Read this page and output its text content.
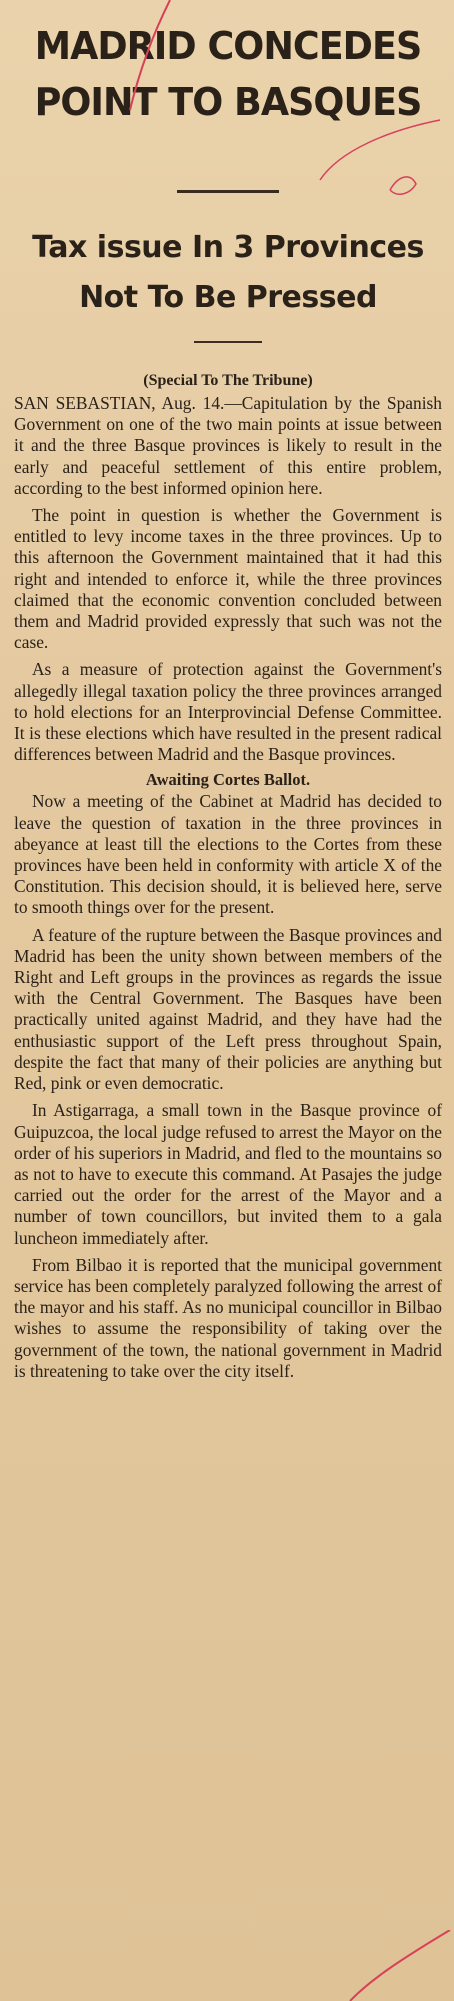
MADRID CONCEDES POINT TO BASQUES
Tax issue In 3 Provinces Not To Be Pressed
(Special To The Tribune)

SAN SEBASTIAN, Aug. 14.—Capitulation by the Spanish Government on one of the two main points at issue between it and the three Basque provinces is likely to result in the early and peaceful settlement of this entire problem, according to the best informed opinion here.

The point in question is whether the Government is entitled to levy income taxes in the three provinces. Up to this afternoon the Government maintained that it had this right and intended to enforce it, while the three provinces claimed that the economic convention concluded between them and Madrid provided expressly that such was not the case.

As a measure of protection against the Government's allegedly illegal taxation policy the three provinces arranged to hold elections for an Interprovincial Defense Committee. It is these elections which have resulted in the present radical differences between Madrid and the Basque provinces.

Awaiting Cortes Ballot.

Now a meeting of the Cabinet at Madrid has decided to leave the question of taxation in the three provinces in abeyance at least till the elections to the Cortes from these provinces have been held in conformity with article X of the Constitution. This decision should, it is believed here, serve to smooth things over for the present.

A feature of the rupture between the Basque provinces and Madrid has been the unity shown between members of the Right and Left groups in the provinces as regards the issue with the Central Government. The Basques have been practically united against Madrid, and they have had the enthusiastic support of the Left press throughout Spain, despite the fact that many of their policies are anything but Red, pink or even democratic.

In Astigarraga, a small town in the Basque province of Guipuzcoa, the local judge refused to arrest the Mayor on the order of his superiors in Madrid, and fled to the mountains so as not to have to execute this command. At Pasajes the judge carried out the order for the arrest of the Mayor and a number of town councillors, but invited them to a gala luncheon immediately after.

From Bilbao it is reported that the municipal government service has been completely paralyzed following the arrest of the mayor and his staff. As no municipal councillor in Bilbao wishes to assume the responsibility of taking over the government of the town, the national government in Madrid is threatening to take over the city itself.
